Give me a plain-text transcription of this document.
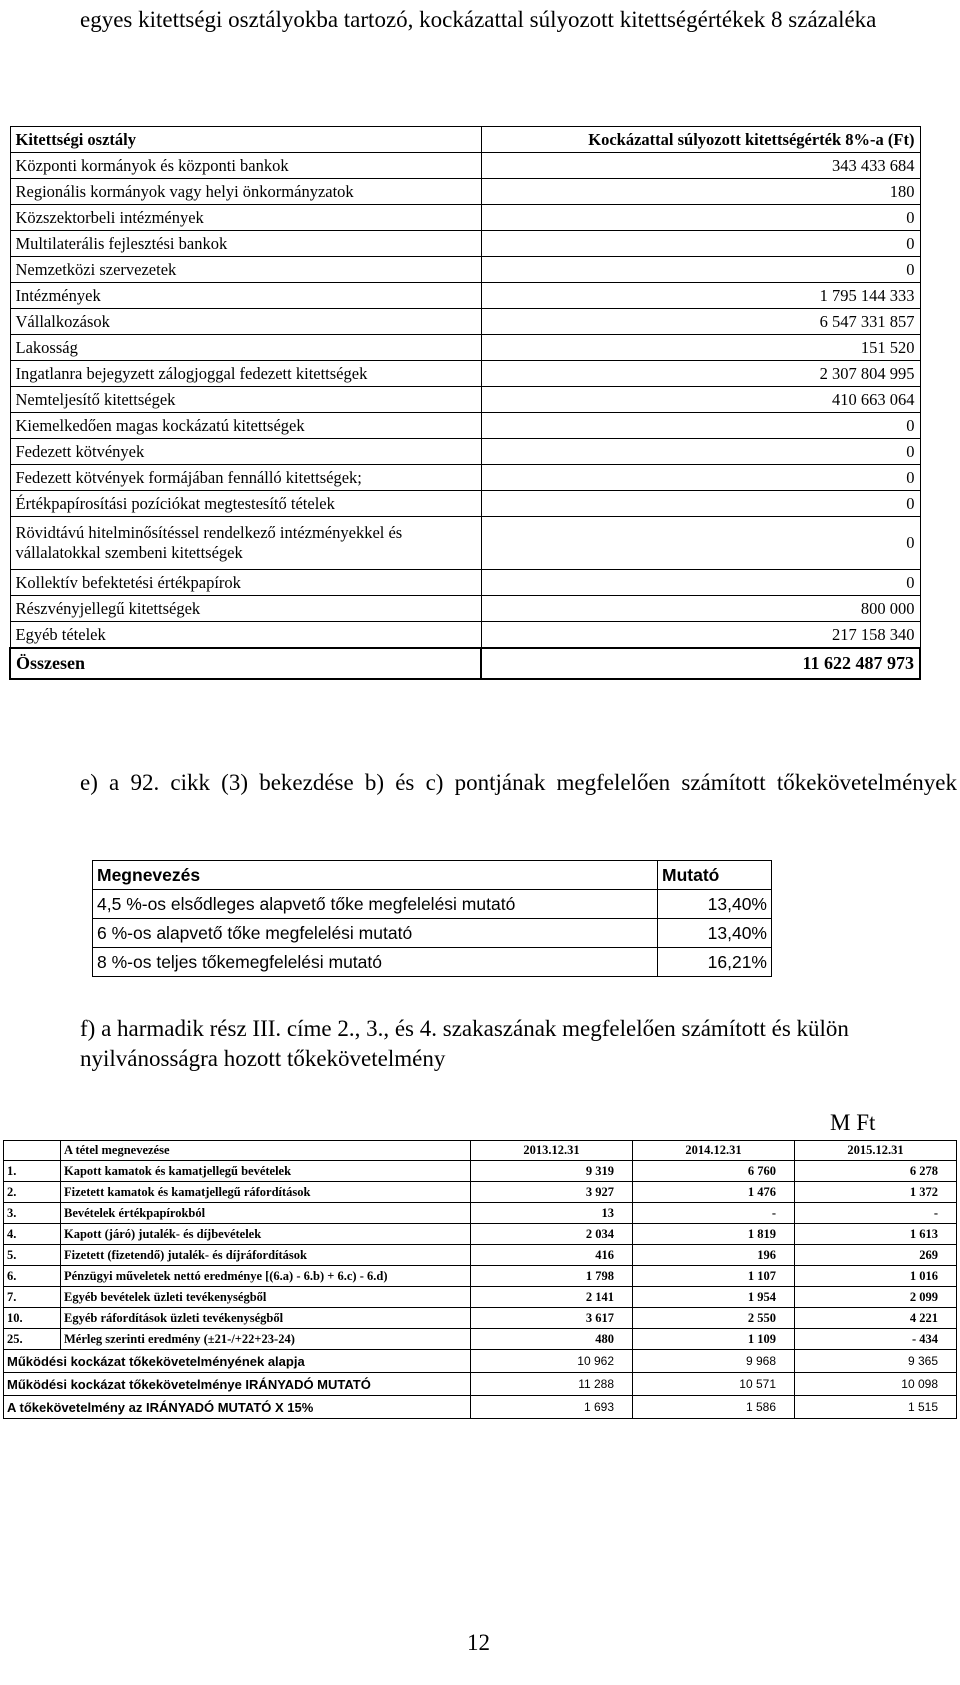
egyes kitettségi osztályokba tartozó, kockázattal súlyozott kitettségértékek 8 százaléka

Kitettségi osztály	Kockázattal súlyozott kitettségérték 8%-a (Ft)
Központi kormányok és központi bankok	343 433 684
Regionális kormányok vagy helyi önkormányzatok	180
Közszektorbeli intézmények	0
Multilaterális fejlesztési bankok	0
Nemzetközi szervezetek	0
Intézmények	1 795 144 333
Vállalkozások	6 547 331 857
Lakosság	151 520
Ingatlanra bejegyzett zálogjoggal fedezett kitettségek	2 307 804 995
Nemteljesítő kitettségek	410 663 064
Kiemelkedően magas kockázatú kitettségek	0
Fedezett kötvények	0
Fedezett kötvények formájában fennálló kitettségek;	0
Értékpapírosítási pozíciókat megtestesítő tételek	0
Rövidtávú hitelminősítéssel rendelkező intézményekkel és vállalatokkal szembeni kitettségek	0
Kollektív befektetési értékpapírok	0
Részvényjellegű kitettségek	800 000
Egyéb tételek	217 158 340
Összesen	11 622 487 973

e) a 92. cikk (3) bekezdése b) és c) pontjának megfelelően számított tőkekövetelmények

Megnevezés	Mutató
4,5 %-os elsődleges alapvető tőke megfelelési mutató	13,40%
6 %-os alapvető tőke megfelelési mutató	13,40%
8 %-os teljes tőkemegfelelési mutató	16,21%

f) a harmadik rész III. címe 2., 3., és 4. szakaszának megfelelően számított és külön nyilvánosságra hozott tőkekövetelmény

M Ft
	A tétel megnevezése	2013.12.31	2014.12.31	2015.12.31
1.	Kapott kamatok és kamatjellegű bevételek	9 319	6 760	6 278
2.	Fizetett kamatok és kamatjellegű ráfordítások	3 927	1 476	1 372
3.	Bevételek értékpapírokból	13	-	-
4.	Kapott (járó) jutalék- és díjbevételek	2 034	1 819	1 613
5.	Fizetett (fizetendő) jutalék- és díjráfordítások	416	196	269
6.	Pénzügyi műveletek nettó eredménye [(6.a) - 6.b) + 6.c) - 6.d)	1 798	1 107	1 016
7.	Egyéb bevételek üzleti tevékenységből	2 141	1 954	2 099
10.	Egyéb ráfordítások üzleti tevékenységből	3 617	2 550	4 221
25.	Mérleg szerinti eredmény (±21-/+22+23-24)	480	1 109	- 434
Működési kockázat tőkekövetelményének alapja		10 962	9 968	9 365
Működési kockázat tőkekövetelménye IRÁNYADÓ MUTATÓ		11 288	10 571	10 098
A tőkekövetelmény az IRÁNYADÓ MUTATÓ X 15%		1 693	1 586	1 515
12
